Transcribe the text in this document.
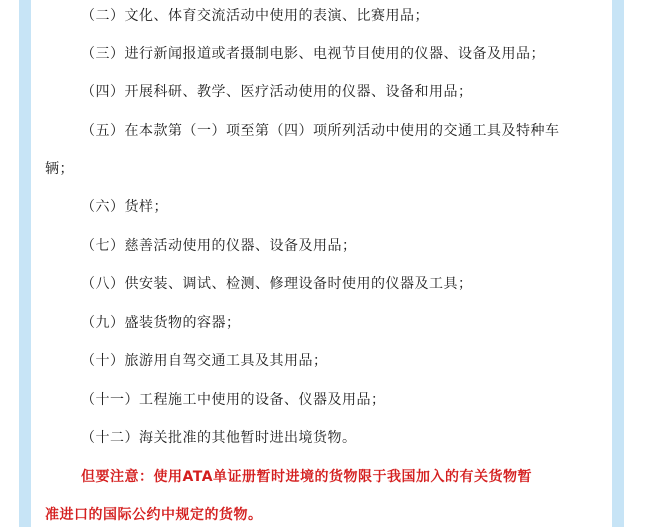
（二）文化、体育交流活动中使用的表演、比赛用品；
（三）进行新闻报道或者摄制电影、电视节目使用的仪器、设备及用品；
（四）开展科研、教学、医疗活动使用的仪器、设备和用品；
（五）在本款第（一）项至第（四）项所列活动中使用的交通工具及特种车
辆；
（六）货样；
（七）慈善活动使用的仪器、设备及用品；
（八）供安装、调试、检测、修理设备时使用的仪器及工具；
（九）盛装货物的容器；
（十）旅游用自驾交通工具及其用品；
（十一）工程施工中使用的设备、仪器及用品；
（十二）海关批准的其他暂时进出境货物。
但要注意：使用ATA单证册暂时进境的货物限于我国加入的有关货物暂
准进口的国际公约中规定的货物。
